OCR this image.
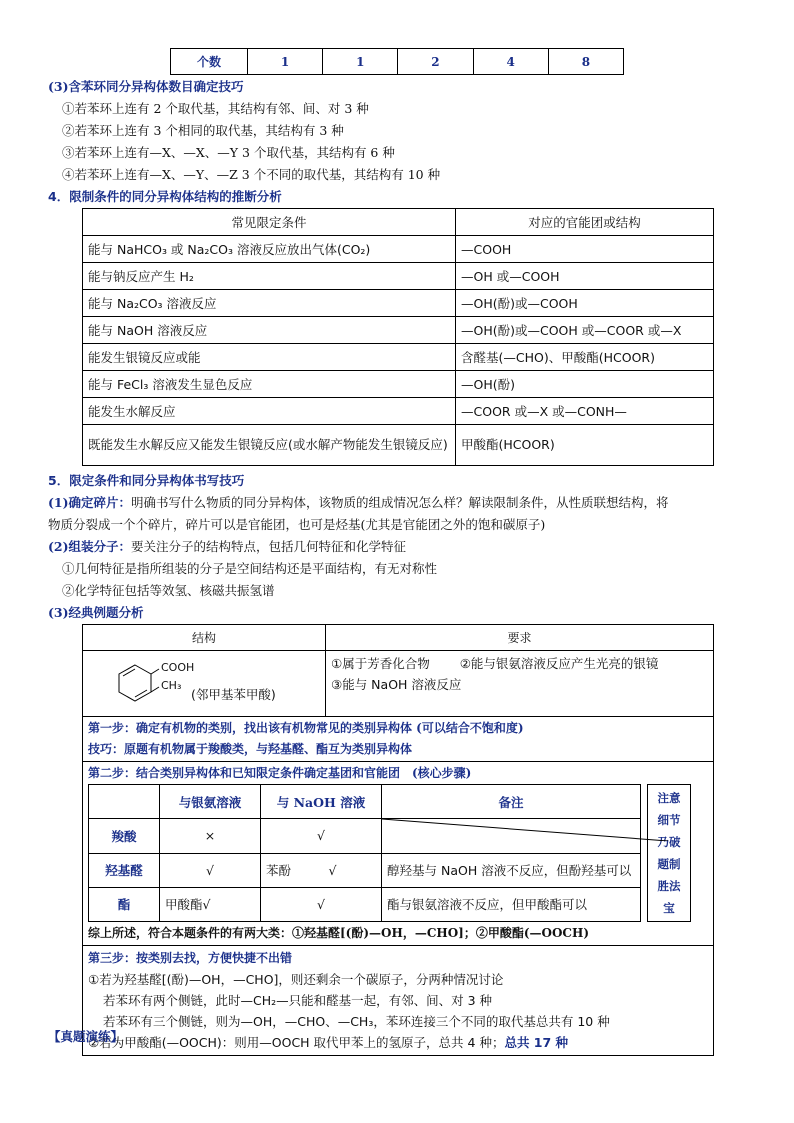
个数	1	1	2	4	8
(3)含苯环同分异构体数目确定技巧
①若苯环上连有 2 个取代基，其结构有邻、间、对 3 种
②若苯环上连有 3 个相同的取代基，其结构有 3 种
③若苯环上连有—X、—X、—Y 3 个取代基，其结构有 6 种
④若苯环上连有—X、—Y、—Z 3 个不同的取代基，其结构有 10 种
4．限制条件的同分异构体结构的推断分析
常见限定条件	对应的官能团或结构
能与 NaHCO₃ 或 Na₂CO₃ 溶液反应放出气体(CO₂)	—COOH
能与钠反应产生 H₂	—OH 或—COOH
能与 Na₂CO₃ 溶液反应	—OH(酚)或—COOH
能与 NaOH 溶液反应	—OH(酚)或—COOH 或—COOR 或—X
能发生银镜反应或能	含醛基(—CHO)、甲酸酯(HCOOR)
能与 FeCl₃ 溶液发生显色反应	—OH(酚)
能发生水解反应	—COOR 或—X 或—CONH—
既能发生水解反应又能发生银镜反应(或水解产物能发生银镜反应)	甲酸酯(HCOOR)
5．限定条件和同分异构体书写技巧
(1)确定碎片：明确书写什么物质的同分异构体，该物质的组成情况怎么样？解读限制条件，从性质联想结构，将
物质分裂成一个个碎片，碎片可以是官能团，也可是烃基(尤其是官能团之外的饱和碳原子)
(2)组装分子：要关注分子的结构特点，包括几何特征和化学特征
①几何特征是指所组装的分子是空间结构还是平面结构，有无对称性
②化学特征包括等效氢、核磁共振氢谱
(3)经典例题分析
结构	要求

COOH
CH₃
(邻甲基苯甲酸)

①属于芳香化合物 ②能与银氨溶液反应产生光亮的银镜
③能与 NaOH 溶液反应

第一步：确定有机物的类别，找出该有机物常见的类别异构体 (可以结合不饱和度)
技巧：原题有机物属于羧酸类，与羟基醛、酯互为类别异构体

第二步：结合类别异构体和已知限定条件确定基团和官能团　(核心步骤)
	与银氨溶液	与 NaOH 溶液	备注
羧酸	×	√	

羟基醛	√	苯酚　　　√	醇羟基与 NaOH 溶液不反应，但酚羟基可以
酯	甲酸酯√	√	酯与银氨溶液不反应，但甲酸酯可以
注意细节乃破题制胜法宝
综上所述，符合本题条件的有两大类：①羟基醛[(酚)—OH，—CHO]；②甲酸酯(—OOCH)

第三步：按类别去找，方便快捷不出错
①若为羟基醛[(酚)—OH，—CHO]，则还剩余一个碳原子，分两种情况讨论
若苯环有两个侧链，此时—CH₂—只能和醛基一起，有邻、间、对 3 种
若苯环有三个侧链，则为—OH，—CHO、—CH₃，苯环连接三个不同的取代基总共有 10 种
②若为甲酸酯(—OOCH)：则用—OOCH 取代甲苯上的氢原子，总共 4 种；总共 17 种
【真题演练】
